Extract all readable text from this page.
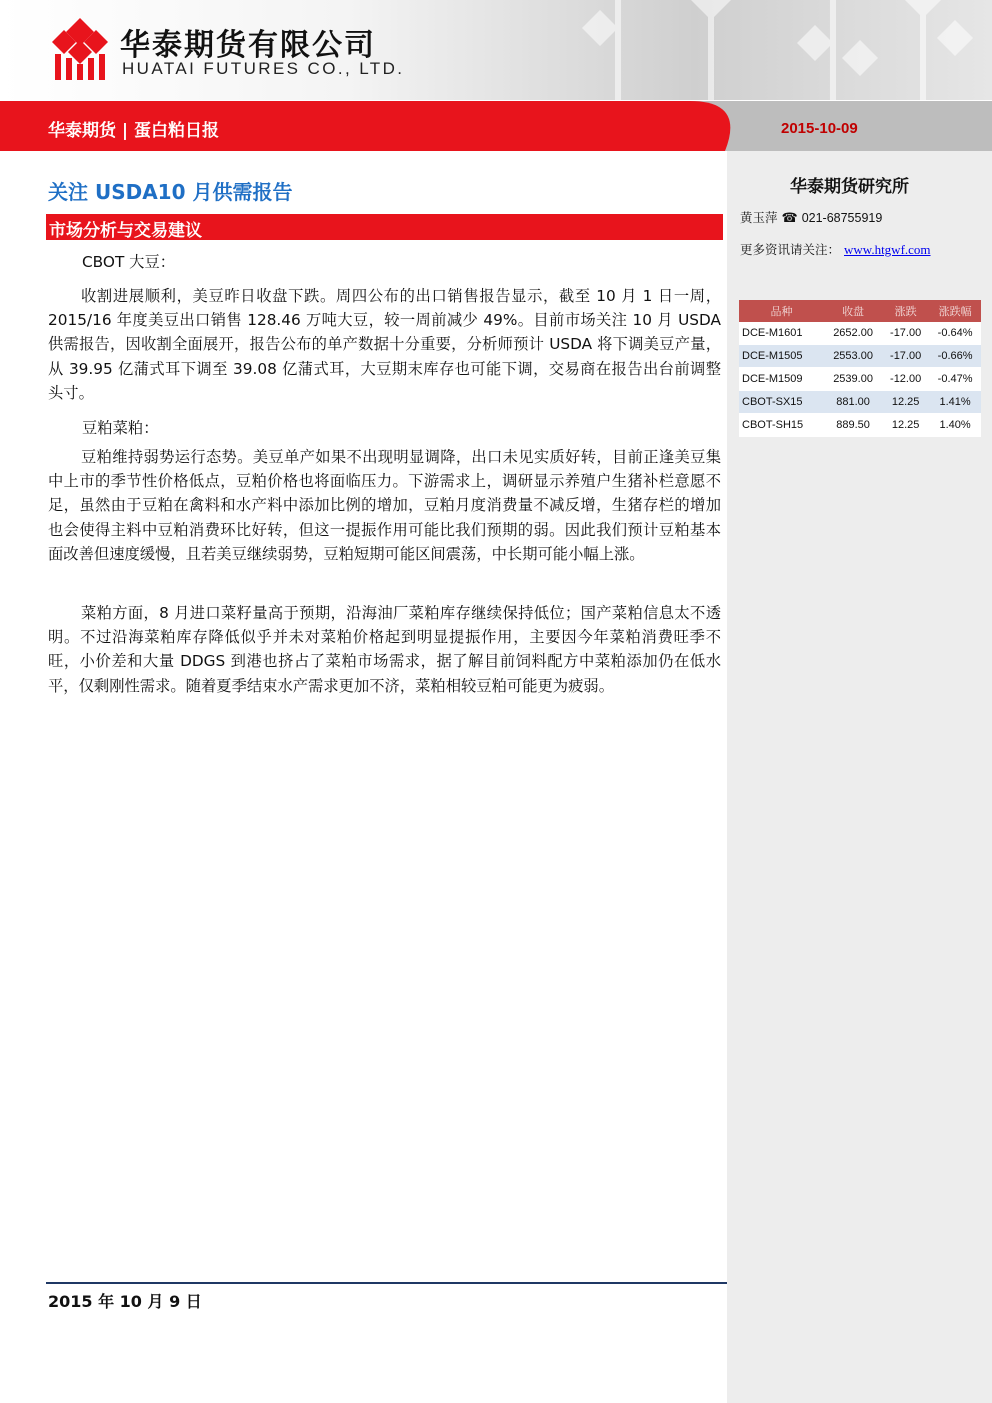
华泰期货有限公司
HUATAI FUTURES CO., LTD.
华泰期货 | 蛋白粕日报	2015-10-09
华泰期货研究所
黄玉萍 ☎ 021-68755919
更多资讯请关注： www.htgwf.com
品种	收盘	涨跌	涨跌幅
DCE-M1601	2652.00	-17.00	-0.64%
DCE-M1505	2553.00	-17.00	-0.66%
DCE-M1509	2539.00	-12.00	-0.47%
CBOT-SX15	881.00	12.25	1.41%
CBOT-SH15	889.50	12.25	1.40%
关注 USDA10 月供需报告
市场分析与交易建议
CBOT 大豆：

收割进展顺利，美豆昨日收盘下跌。周四公布的出口销售报告显示，截至 10 月 1 日一周，2015/16 年度美豆出口销售 128.46 万吨大豆，较一周前减少 49%。目前市场关注 10 月 USDA 供需报告，因收割全面展开，报告公布的单产数据十分重要，分析师预计 USDA 将下调美豆产量，从 39.95 亿蒲式耳下调至 39.08 亿蒲式耳，大豆期末库存也可能下调，交易商在报告出台前调整头寸。

豆粕菜粕：

豆粕维持弱势运行态势。美豆单产如果不出现明显调降，出口未见实质好转，目前正逢美豆集中上市的季节性价格低点，豆粕价格也将面临压力。下游需求上，调研显示养殖户生猪补栏意愿不足，虽然由于豆粕在禽料和水产料中添加比例的增加，豆粕月度消费量不减反增，生猪存栏的增加也会使得主料中豆粕消费环比好转，但这一提振作用可能比我们预期的弱。因此我们预计豆粕基本面改善但速度缓慢，且若美豆继续弱势，豆粕短期可能区间震荡，中长期可能小幅上涨。

菜粕方面，8 月进口菜籽量高于预期，沿海油厂菜粕库存继续保持低位；国产菜粕信息太不透明。不过沿海菜粕库存降低似乎并未对菜粕价格起到明显提振作用，主要因今年菜粕消费旺季不旺，小价差和大量 DDGS 到港也挤占了菜粕市场需求，据了解目前饲料配方中菜粕添加仍在低水平，仅剩刚性需求。随着夏季结束水产需求更加不济，菜粕相较豆粕可能更为疲弱。

2015 年 10 月 9 日
